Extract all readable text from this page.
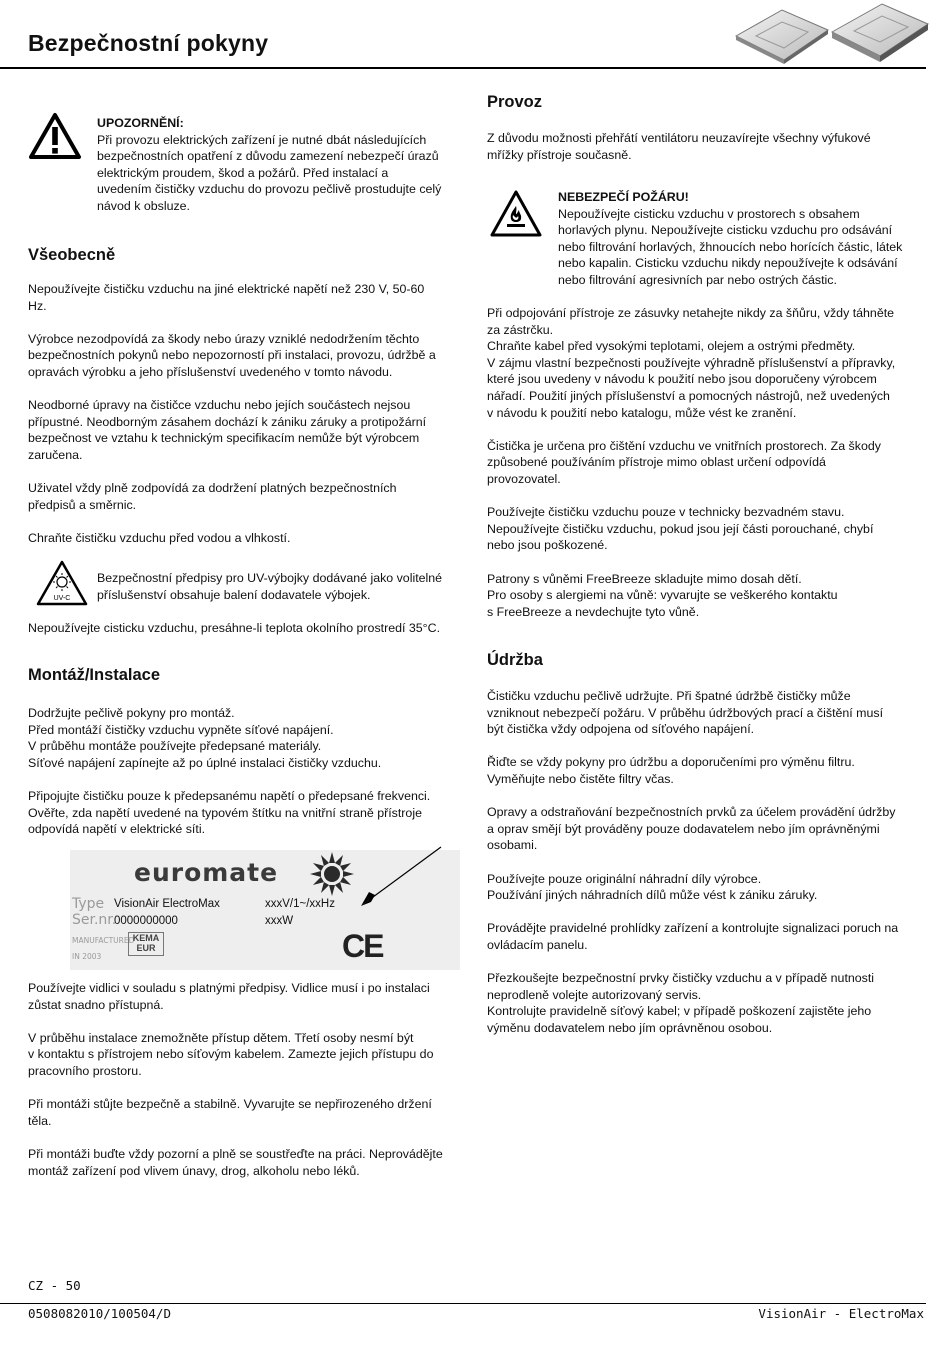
Bezpečnostní pokyny
UPOZORNĚNÍ:
Při provozu elektrických zařízení je nutné dbát následujících
bezpečnostních opatření z důvodu zamezení nebezpečí úrazů
elektrickým proudem, škod a požárů. Před instalací a
uvedením čističky vzduchu do provozu pečlivě prostudujte celý
návod k obsluze.
Všeobecně

Nepoužívejte čističku vzduchu na jiné elektrické napětí než 230 V, 50-60
Hz.

Výrobce nezodpovídá za škody nebo úrazy vzniklé nedodržením těchto
bezpečnostních pokynů nebo nepozorností při instalaci, provozu, údržbě a
opravách výrobku a jeho příslušenství uvedeného v tomto návodu.

Neodborné úpravy na čističce vzduchu nebo jejích součástech nejsou
přípustné. Neodborným zásahem dochází k zániku záruky a protipožární
bezpečnost ve vztahu k technickým specifikacím nemůže být výrobcem
zaručena.

Uživatel vždy plně zodpovídá za dodržení platných bezpečnostních
předpisů a směrnic.

Chraňte čističku vzduchu před vodou a vlhkostí.

UV-C
Bezpečnostní předpisy pro UV-výbojky dodávané jako volitelné
příslušenství obsahuje balení dodavatele výbojek.
Nepoužívejte cisticku vzduchu, presáhne-li teplota okolního prostredí 35°C.
Montáž/Instalace

Dodržujte pečlivě pokyny pro montáž.
Před montáží čističky vzduchu vypněte síťové napájení.
V průběhu montáže používejte předepsané materiály.
Síťové napájení zapínejte až po úplné instalaci čističky vzduchu.

Připojujte čističku pouze k předepsanému napětí o předepsané frekvenci.
Ověřte, zda napětí uvedené na typovém štítku na vnitřní straně přístroje
odpovídá napětí v elektrické síti.

euromate
Type
Ser.nr.
VisionAir ElectroMax
0000000000
xxxV/1~/xxHz
xxxW
MANUFACTURED
IN 2003
KEMA
EUR	CE

Používejte vidlici v souladu s platnými předpisy. Vidlice musí i po instalaci
zůstat snadno přístupná.

V průběhu instalace znemožněte přístup dětem. Třetí osoby nesmí být
v kontaktu s přístrojem nebo síťovým kabelem. Zamezte jejich přístupu do
pracovního prostoru.

Při montáži stůjte bezpečně a stabilně. Vyvarujte se nepřirozeného držení
těla.

Při montáži buďte vždy pozorní a plně se soustřeďte na práci. Neprovádějte
montáž zařízení pod vlivem únavy, drog, alkoholu nebo léků.

Provoz
Z důvodu možnosti přehřátí ventilátoru neuzavírejte všechny výfukové
mřížky přístroje současně.
NEBEZPEČÍ POŽÁRU!
Nepoužívejte cisticku vzduchu v prostorech s obsahem
horlavých plynu. Nepoužívejte cisticku vzduchu pro odsávání
nebo filtrování horlavých, žhnoucích nebo horících částic, látek
nebo kapalin. Cisticku vzduchu nikdy nepoužívejte k odsávání
nebo filtrování agresivních par nebo ostrých částic.

Při odpojování přístroje ze zásuvky netahejte nikdy za šňůru, vždy táhněte
za zástrčku.
Chraňte kabel před vysokými teplotami, olejem a ostrými předměty.
V zájmu vlastní bezpečnosti používejte výhradně příslušenství a přípravky,
které jsou uvedeny v návodu k použití nebo jsou doporučeny výrobcem
nářadí. Použití jiných příslušenství a pomocných nástrojů, než uvedených
v návodu k použití nebo katalogu, může vést ke zranění.

Čistička je určena pro čištění vzduchu ve vnitřních prostorech. Za škody
způsobené používáním přístroje mimo oblast určení odpovídá
provozovatel.

Používejte čističku vzduchu pouze v technicky bezvadném stavu.
Nepoužívejte čističku vzduchu, pokud jsou její části porouchané, chybí
nebo jsou poškozené.

Patrony s vůněmi FreeBreeze skladujte mimo dosah dětí.
Pro osoby s alergiemi na vůně: vyvarujte se veškerého kontaktu
s FreeBreeze a nevdechujte tyto vůně.

Údržba

Čističku vzduchu pečlivě udržujte. Při špatné údržbě čističky může
vzniknout nebezpečí požáru. V průběhu údržbových prací a čištění musí
být čistička vždy odpojena od síťového napájení.

Řiďte se vždy pokyny pro údržbu a doporučeními pro výměnu filtru.
Vyměňujte nebo čistěte filtry včas.

Opravy a odstraňování bezpečnostních prvků za účelem provádění údržby
a oprav smějí být prováděny pouze dodavatelem nebo jím oprávněnými
osobami.

Používejte pouze originální náhradní díly výrobce.
Používání jiných náhradních dílů může vést k zániku záruky.

Provádějte pravidelné prohlídky zařízení a kontrolujte signalizaci poruch na
ovládacím panelu.

Přezkoušejte bezpečnostní prvky čističky vzduchu a v případě nutnosti
neprodleně volejte autorizovaný servis.
Kontrolujte pravidelně síťový kabel; v případě poškození zajistěte jeho
výměnu dodavatelem nebo jím oprávněnou osobou.

CZ - 50
0508082010/100504/D	VisionAir - ElectroMax
